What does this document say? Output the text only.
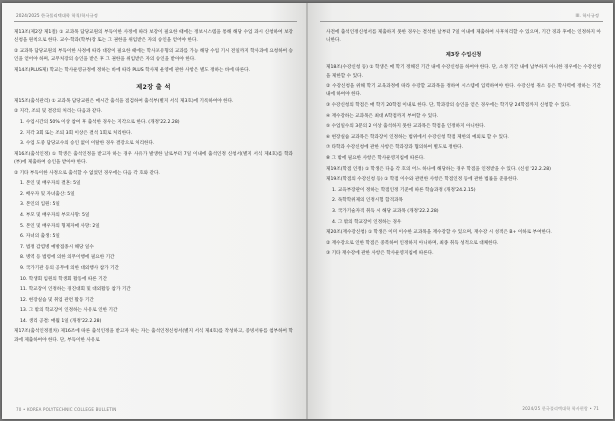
2024/2025 한국폴리텍대학 학칙/학사규정
제13조(제2장 제1절) ① 교과목 담당교원의 부득이한 사정에 따라 보강이 필요한 때에는 정보시스템을 통해 해당 수업 과시 신청하여 보강 신청을 원칙으로 한다. 교수·학과(학부)장 또는 그 권한을 위임받은 자의 승인을 얻어야 한다.
② 교과목 담당교원의 부득이한 사정에 따라 대강이 필요한 때에는 학사포유형의 교과를 가능 해당 수업 기시 전일까지 학사과에 요청하여 승인을 얻어야 하며, 교무처장의 승인을 받은 후 그 권한을 위임받은 자의 승인을 받아야 한다.
제14조(PLUS제) 학교는 학사운영규정에 정하는 바에 따라 PLUS 학사제 운영에 관한 사항은 별도 정하는 바에 따른다.
제2장 출 석
제15조(출석관리) ① 교과목 담당교원은 매시간 출석을 점검하여 출석부(별지 서식 제3호)에 기록하여야 한다.
② 지각, 조퇴 및 결강의 처리는 다음과 같다.
1. 수업시간의 50% 이상 참여 후 출석한 경우는 지각으로 한다. (개정'22.2.28)
2. 지각 3회 또는 조퇴 3회 이상은 결석 1회로 처리한다.
3. 수업 도중 담당교수의 승인 없이 이탈한 경우 결강으로 처리한다.
제16조(출석인정) ① 학생은 출석인정을 받고자 하는 경우 사유가 발생한 날로부터 7일 이내에 출석인정 신청서(별지 서식 제4호)를 학과(부)에 제출하여 승인을 받아야 한다.
② 기타 부득이한 사정으로 출석할 수 없었던 경우에는 다음 각 호와 같다.
1. 본인 및 배우자의 결혼: 5일
2. 배우자 및 자녀출산: 5일
3. 본인의 입원: 5일
4. 부모 및 배우자의 부모사망: 5일
5. 본인 및 배우자의 형제자매 사망: 2일
6. 자녀의 출생: 5일
7. 법정 감염병 예방접종시 해당 일수
8. 병역 등 법령에 의한 의무이행에 필요한 기간
9. 국가기관 등의 공무에 의한 대외행사 참가 기간
10. 학생회 임원의 학생회 활동에 따른 기간
11. 학교장이 인정하는 경진대회 및 대외활동 참가 기간
12. 현장실습 및 취업 관련 활동 기간
13. 그 밖의 학교장이 인정하는 사유로 인한 기간
14. 생리 공결: 매월 1일 (개정'22.2.28)
제17조(출석인정절차) 제16조에 따른 출석인정을 받고자 하는 자는 출석인정신청서(별지 서식 제4호)를 작성하고, 증빙서류를 첨부하여 학과에 제출하여야 한다. 단, 부득이한 사유로
70 • KOREA POLYTECHNIC COLLEGE BULLETIN
III. 학사규정
사전에 출석인정신청서를 제출하지 못한 경우는 결석한 날부터 7일 이내에 제출하여 사후처리할 수 있으며, 기간 경과 후에는 인정하지 아니한다.
제3장 수업신청
제18조(수강신청 등) ① 학생은 매 학기 정해진 기간 내에 수강신청을 하여야 한다. 단, 소정 기간 내에 납부하지 아니한 경우에는 수강신청을 제한할 수 있다.
② 수강신청을 위해 학기 교육과정에 따라 수강할 교과목을 정하여 시스템에 입력하여야 한다. 수강신청 취소 등은 학사력에 정하는 기간 내에 하여야 한다.
③ 수강신청의 학점은 매 학기 20학점 이내로 한다. 단, 학과장의 승인을 얻은 경우에는 학기당 24학점까지 신청할 수 있다.
④ 재수강하는 교과목은 최대 A학점까지 부여할 수 있다.
⑤ 수업일수의 3분의 2 이상 출석하지 못한 교과목은 학점을 인정하지 아니한다.
⑥ 현장실습 교과목은 학과장이 인정하는 범위에서 수강신청 학점 제한의 예외로 할 수 있다.
⑦ 타학과 수강신청에 관한 사항은 학과장과 협의하여 별도로 정한다.
⑧ 그 밖에 필요한 사항은 학사운영지침에 따른다.
제19조(학점 인정) ① 학생은 다음 각 호의 어느 하나에 해당하는 경우 학점을 인정받을 수 있다. (신설 '22.2.28)
제19조(학점의 수강신청 등) ① 학점 이수와 관련한 사항은 학점인정 등에 관한 법률을 준용한다.
1. 교육부장관이 정하는 학점인정 기준에 따른 학습과정 (개정'24.2.15)
2. 독학학위제의 인정시험 합격과목
3. 국가기술자격 취득 시 해당 교과목 (개정'22.2.28)
4. 그 밖의 학교장이 인정하는 경우
제20조(재수강신청) ① 학생은 이미 이수한 교과목을 재수강할 수 있으며, 재수강 시 성적은 B+ 이하로 부여한다.
② 재수강으로 인한 학점은 중복하여 인정하지 아니하며, 최종 취득 성적으로 대체한다.
③ 기타 재수강에 관한 사항은 학사운영지침에 따른다.
2024/25 한국폴리텍대학 학사편람 • 71
